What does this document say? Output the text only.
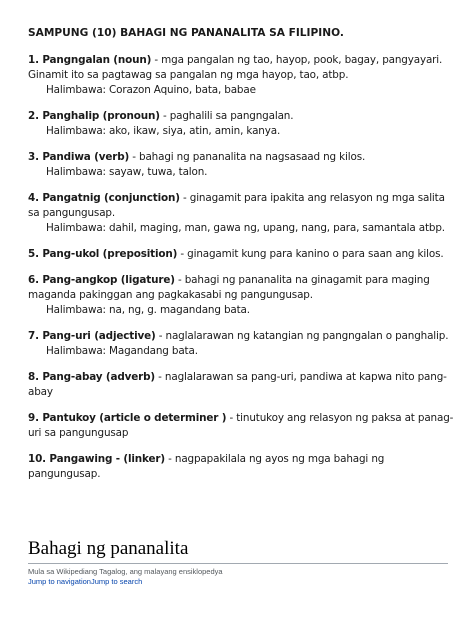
SAMPUNG (10) BAHAGI NG PANANALITA SA FILIPINO.
1. Pangngalan (noun) - mga pangalan ng tao, hayop, pook, bagay, pangyayari. Ginamit ito sa pagtawag sa pangalan ng mga hayop, tao, atbp.
Halimbawa: Corazon Aquino, bata, babae
2. Panghalip (pronoun) - paghalili sa pangngalan.
Halimbawa: ako, ikaw, siya, atin, amin, kanya.
3. Pandiwa (verb) - bahagi ng pananalita na nagsasaad ng kilos.
Halimbawa: sayaw, tuwa, talon.
4. Pangatnig (conjunction) - ginagamit para ipakita ang relasyon ng mga salita sa pangungusap.
Halimbawa: dahil, maging, man, gawa ng, upang, nang, para, samantala atbp.
5. Pang-ukol (preposition) - ginagamit kung para kanino o para saan ang kilos.
6. Pang-angkop (ligature) - bahagi ng pananalita na ginagamit para maging maganda pakinggan ang pagkakasabi ng pangungusap.
Halimbawa: na, ng, g. magandang bata.
7. Pang-uri (adjective) - naglalarawan ng katangian ng pangngalan o panghalip.
Halimbawa: Magandang bata.
8. Pang-abay (adverb) - naglalarawan sa pang-uri, pandiwa at kapwa nito pang-abay
9. Pantukoy (article o determiner ) - tinutukoy ang relasyon ng paksa at panag-uri sa pangungusap
10. Pangawing - (linker) - nagpapakilala ng ayos ng mga bahagi ng pangungusap.
Bahagi ng pananalita
Mula sa Wikipediang Tagalog, ang malayang ensiklopedya
Jump to navigationJump to search
